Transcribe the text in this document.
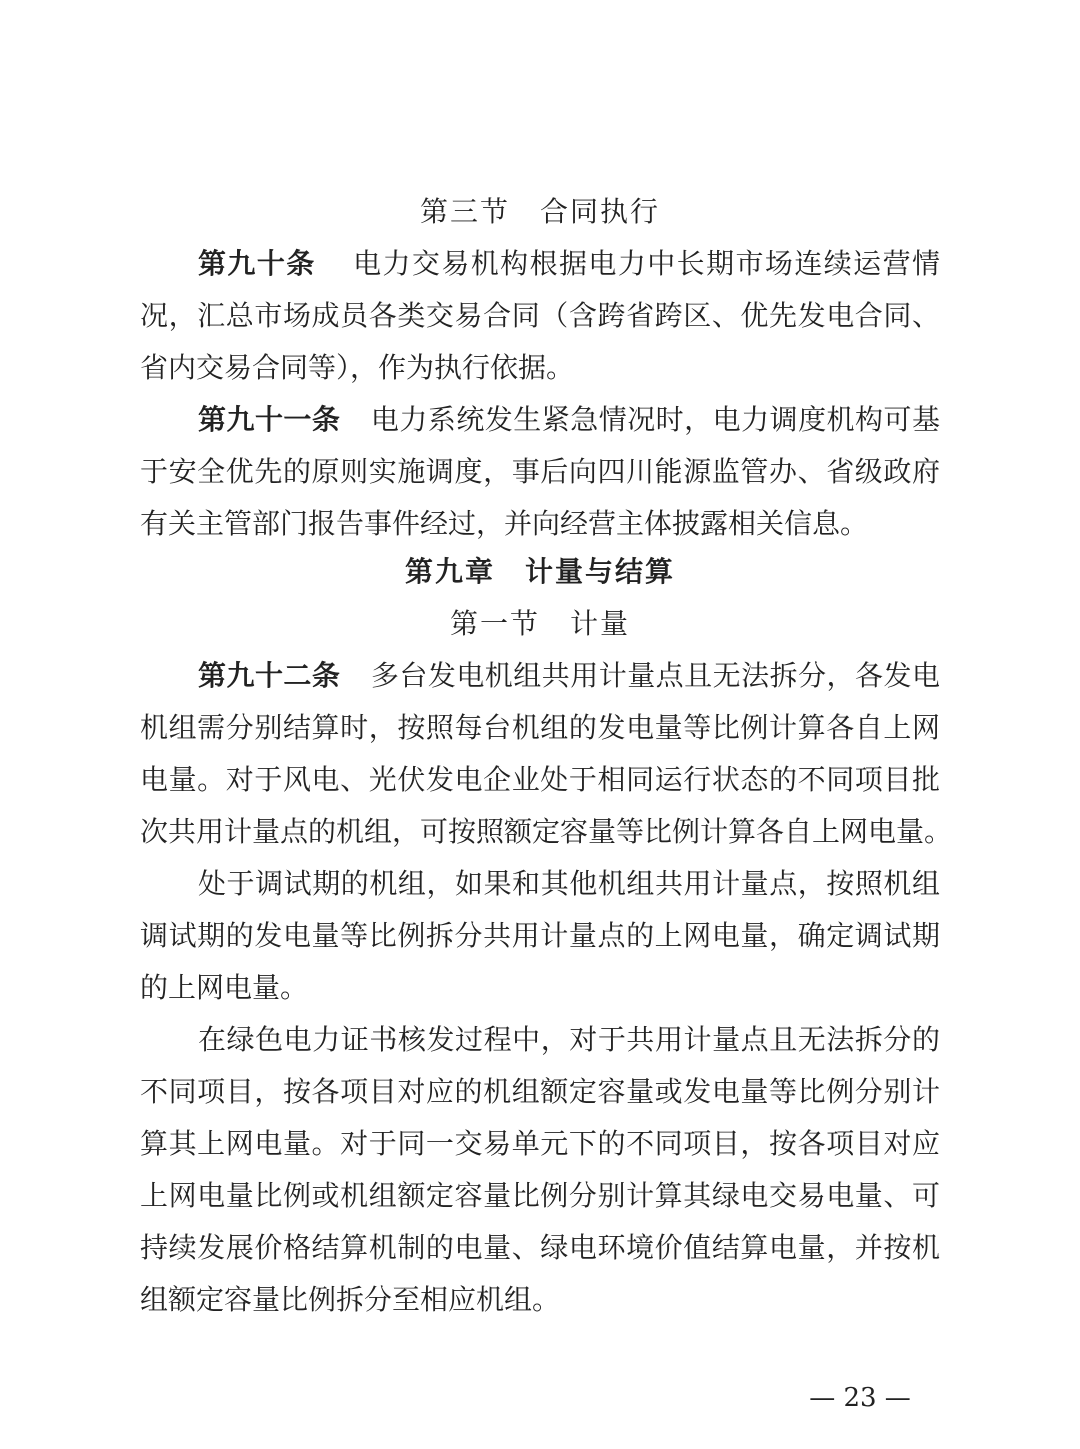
第三节　合同执行
第九十条 电力交易机构根据电力中长期市场连续运营情
况，汇总市场成员各类交易合同（含跨省跨区、优先发电合同、
省内交易合同等），作为执行依据。
第九十一条 电力系统发生紧急情况时，电力调度机构可基
于安全优先的原则实施调度，事后向四川能源监管办、省级政府
有关主管部门报告事件经过，并向经营主体披露相关信息。
第九章　计量与结算
第一节　计量
第九十二条 多台发电机组共用计量点且无法拆分，各发电
机组需分别结算时，按照每台机组的发电量等比例计算各自上网
电量。对于风电、光伏发电企业处于相同运行状态的不同项目批
次共用计量点的机组，可按照额定容量等比例计算各自上网电量。
处于调试期的机组，如果和其他机组共用计量点，按照机组
调试期的发电量等比例拆分共用计量点的上网电量，确定调试期
的上网电量。
在绿色电力证书核发过程中，对于共用计量点且无法拆分的
不同项目，按各项目对应的机组额定容量或发电量等比例分别计
算其上网电量。对于同一交易单元下的不同项目，按各项目对应
上网电量比例或机组额定容量比例分别计算其绿电交易电量、可
持续发展价格结算机制的电量、绿电环境价值结算电量，并按机
组额定容量比例拆分至相应机组。
— 23 —
